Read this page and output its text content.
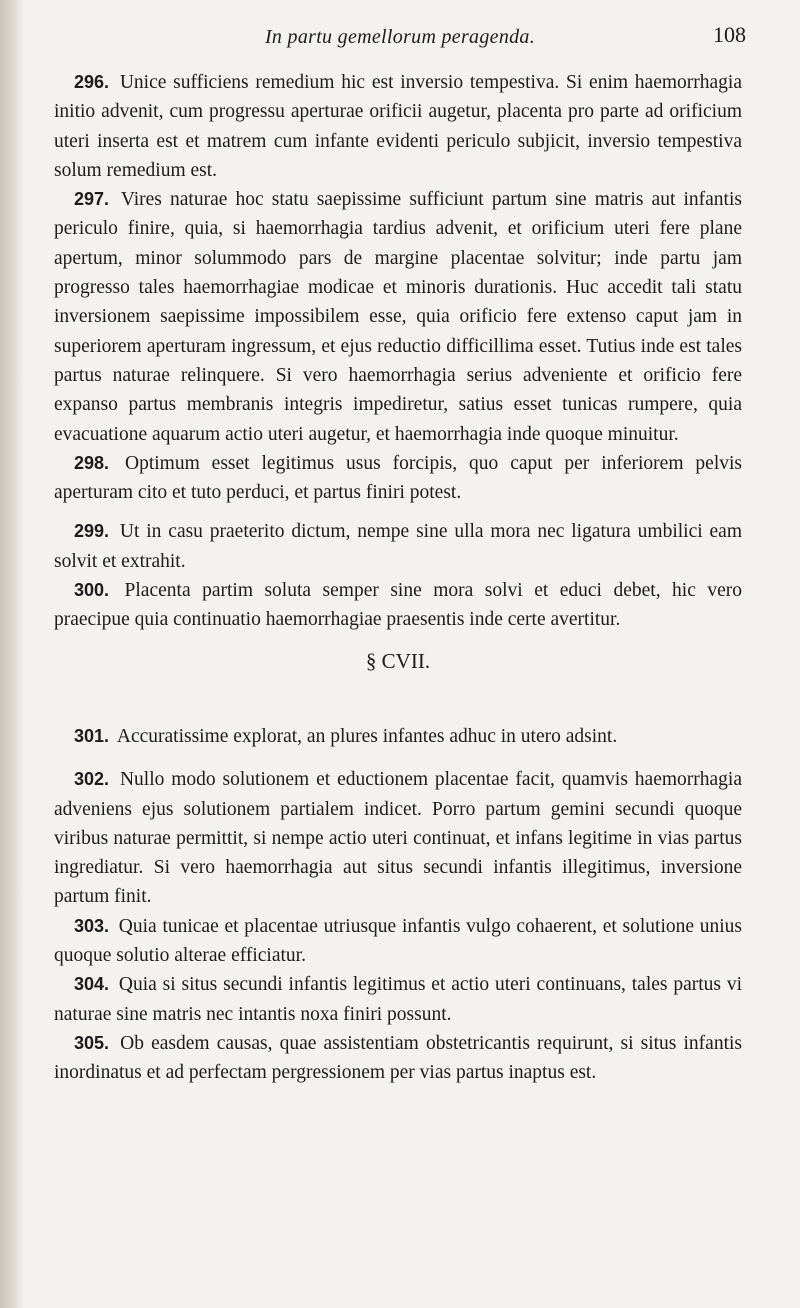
In partu gemellorum peragenda.	108

296. Unice sufficiens remedium hic est inversio tempestiva. Si enim haemorrhagia initio advenit, cum progressu aperturae orificii augetur, placenta pro parte ad orificium uteri inserta est et matrem cum infante evidenti periculo subjicit, inversio tempestiva solum remedium est.

297. Vires naturae hoc statu saepissime sufficiunt partum sine matris aut infantis periculo finire, quia, si haemorrhagia tardius advenit, et orificium uteri fere plane apertum, minor solummodo pars de margine placentae solvitur; inde partu jam progresso tales haemorrhagiae modicae et minoris durationis. Huc accedit tali statu inversionem saepissime impossibilem esse, quia orificio fere extenso caput jam in superiorem aperturam ingressum, et ejus reductio difficillima esset. Tutius inde est tales partus naturae relinquere. Si vero haemorrhagia serius adveniente et orificio fere expanso partus membranis integris impediretur, satius esset tunicas rumpere, quia evacuatione aquarum actio uteri augetur, et haemorrhagia inde quoque minuitur.

298. Optimum esset legitimus usus forcipis, quo caput per inferiorem pelvis aperturam cito et tuto perduci, et partus finiri potest.

299. Ut in casu praeterito dictum, nempe sine ulla mora nec ligatura umbilici eam solvit et extrahit.

300. Placenta partim soluta semper sine mora solvi et educi debet, hic vero praecipue quia continuatio haemorrhagiae praesentis inde certe avertitur.

§ CVII.

301. Accuratissime explorat, an plures infantes adhuc in utero adsint.

302. Nullo modo solutionem et eductionem placentae facit, quamvis haemorrhagia adveniens ejus solutionem partialem indicet. Porro partum gemini secundi quoque viribus naturae permittit, si nempe actio uteri continuat, et infans legitime in vias partus ingrediatur. Si vero haemorrhagia aut situs secundi infantis illegitimus, inversione partum finit.

303. Quia tunicae et placentae utriusque infantis vulgo cohaerent, et solutione unius quoque solutio alterae efficiatur.

304. Quia si situs secundi infantis legitimus et actio uteri continuans, tales partus vi naturae sine matris nec intantis noxa finiri possunt.

305. Ob easdem causas, quae assistentiam obstetricantis requirunt, si situs infantis inordinatus et ad perfectam pergressionem per vias partus inaptus est.
